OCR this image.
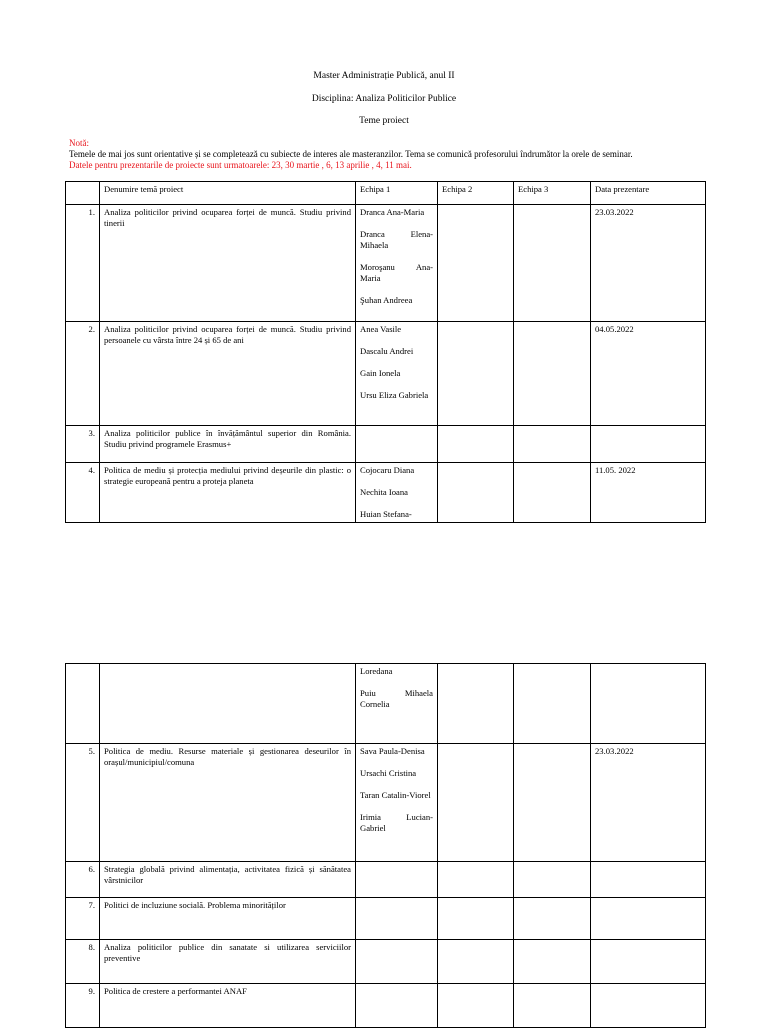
Master Administrație Publică, anul II
Disciplina: Analiza Politicilor Publice
Teme proiect
Notă:
Temele de mai jos sunt orientative și se completează cu subiecte de interes ale masteranzilor. Tema se comunică profesorului îndrumător la orele de seminar.
Datele pentru prezentarile de proiecte sunt urmatoarele: 23, 30 martie , 6, 13 aprilie , 4, 11 mai.
	Denumire temă proiect	Echipa 1	Echipa 2	Echipa 3	Data prezentare
1.	Analiza politicilor privind ocuparea forței de muncă. Studiu privind tinerii	Dranca Ana-Maria

Dranca Elena-Mihaela

Moroşanu Ana-Maria

Şuhan Andreea			23.03.2022
2.	Analiza politicilor privind ocuparea forței de muncă. Studiu privind persoanele cu vârsta între 24 și 65 de ani	Anea Vasile

Dascalu Andrei

Gain Ionela

Ursu Eliza Gabriela			04.05.2022
3.	Analiza politicilor publice în învățământul superior din România. Studiu privind programele Erasmus+				
4.	Politica de mediu și protecția mediului privind deșeurile din plastic: o strategie europeană pentru a proteja planeta	Cojocaru Diana

Nechita Ioana

Huian Stefana-			11.05. 2022

		Loredana

Puiu Mihaela Cornelia			

5.	Politica de mediu. Resurse materiale și gestionarea deseurilor în orașul/municipiul/comuna	Sava Paula-Denisa

Ursachi Cristina

Taran Catalin-Viorel

Irimia Lucian-Gabriel			23.03.2022
6.	Strategia globală privind alimentația, activitatea fizică și sănătatea vârstnicilor				
7.	Politici de incluziune socială. Problema minorităților				
8.	Analiza politicilor publice din sanatate si utilizarea serviciilor preventive				
9.	Politica de crestere a performantei ANAF				
